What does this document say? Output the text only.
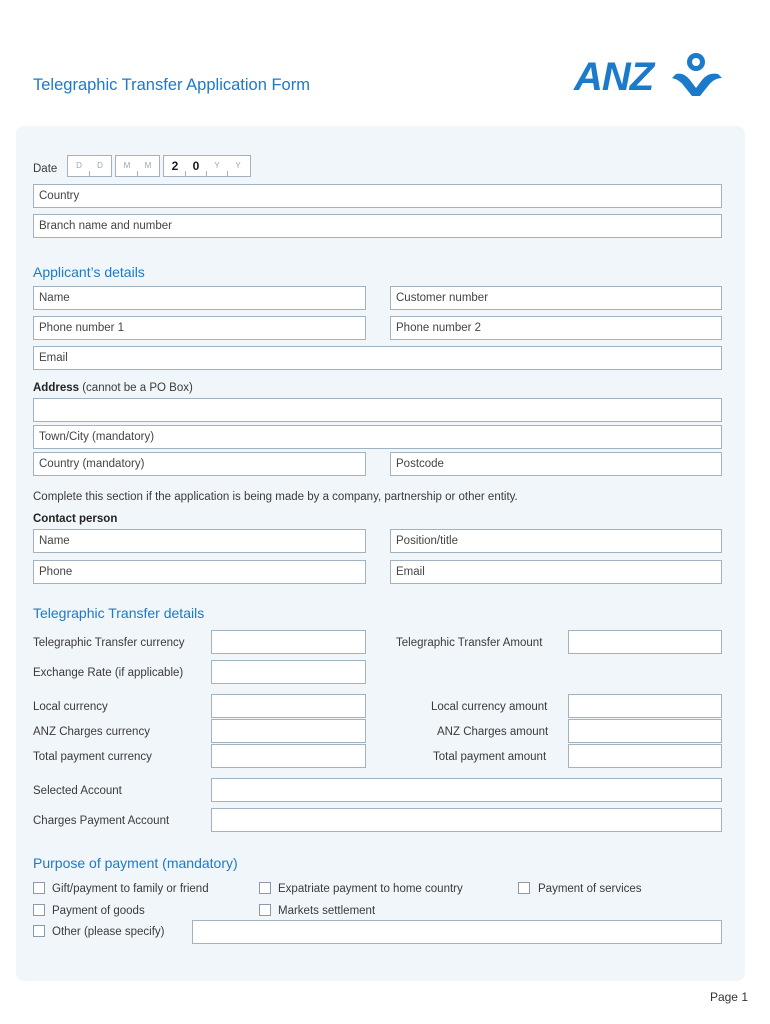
Telegraphic Transfer Application Form	ANZ
Date	D	D	M	M	2	0	Y	Y
Country
Branch name and number
Applicant’s details
Name	Customer number
Phone number 1	Phone number 2
Email
Address (cannot be a PO Box)
Town/City (mandatory)
Country (mandatory)	Postcode
Complete this section if the application is being made by a company, partnership or other entity.
Contact person
Name	Position/title
Phone	Email
Telegraphic Transfer details
Telegraphic Transfer currency	Telegraphic Transfer Amount
Exchange Rate (if applicable)
Local currency	Local currency amount
ANZ Charges currency	ANZ Charges amount
Total payment currency	Total payment amount
Selected Account
Charges Payment Account
Purpose of payment (mandatory)
Gift/payment to family or friend	Expatriate payment to home country	Payment of services
Payment of goods	Markets settlement
Other (please specify)
Page 1
